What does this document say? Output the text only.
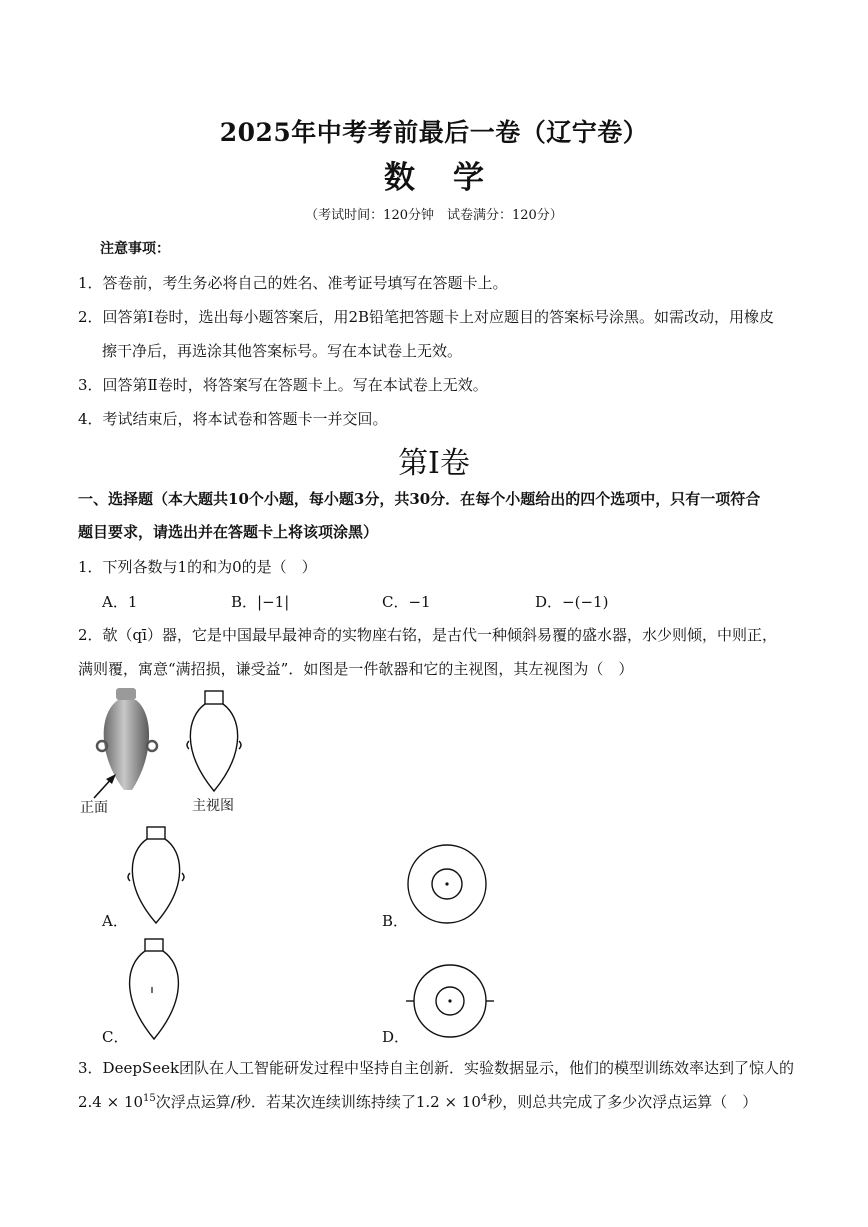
2025年中考考前最后一卷（辽宁卷）
数学
（考试时间：120分钟　试卷满分：120分）
注意事项：
1．答卷前，考生务必将自己的姓名、准考证号填写在答题卡上。
2．回答第Ⅰ卷时，选出每小题答案后，用2B铅笔把答题卡上对应题目的答案标号涂黑。如需改动，用橡皮
擦干净后，再选涂其他答案标号。写在本试卷上无效。
3．回答第Ⅱ卷时，将答案写在答题卡上。写在本试卷上无效。
4．考试结束后，将本试卷和答题卡一并交回。
第Ⅰ卷
一、选择题（本大题共10个小题，每小题3分，共30分．在每个小题给出的四个选项中，只有一项符合
题目要求，请选出并在答题卡上将该项涂黑）
1．下列各数与1的和为0的是（　）
A．1	B．|−1|	C．−1	D．−(−1)
2．欹（qī）器，它是中国最早最神奇的实物座右铭，是古代一种倾斜易覆的盛水器，水少则倾，中则正，
满则覆，寓意“满招损，谦受益”．如图是一件欹器和它的主视图，其左视图为（　）
正面	主视图
A．	B．
C．	D．
3．DeepSeek团队在人工智能研发过程中坚持自主创新．实验数据显示，他们的模型训练效率达到了惊人的
$2.4 \times 10^{15}$次浮点运算/秒．若某次连续训练持续了$1.2 \times 10^4$秒，则总共完成了多少次浮点运算（　）
